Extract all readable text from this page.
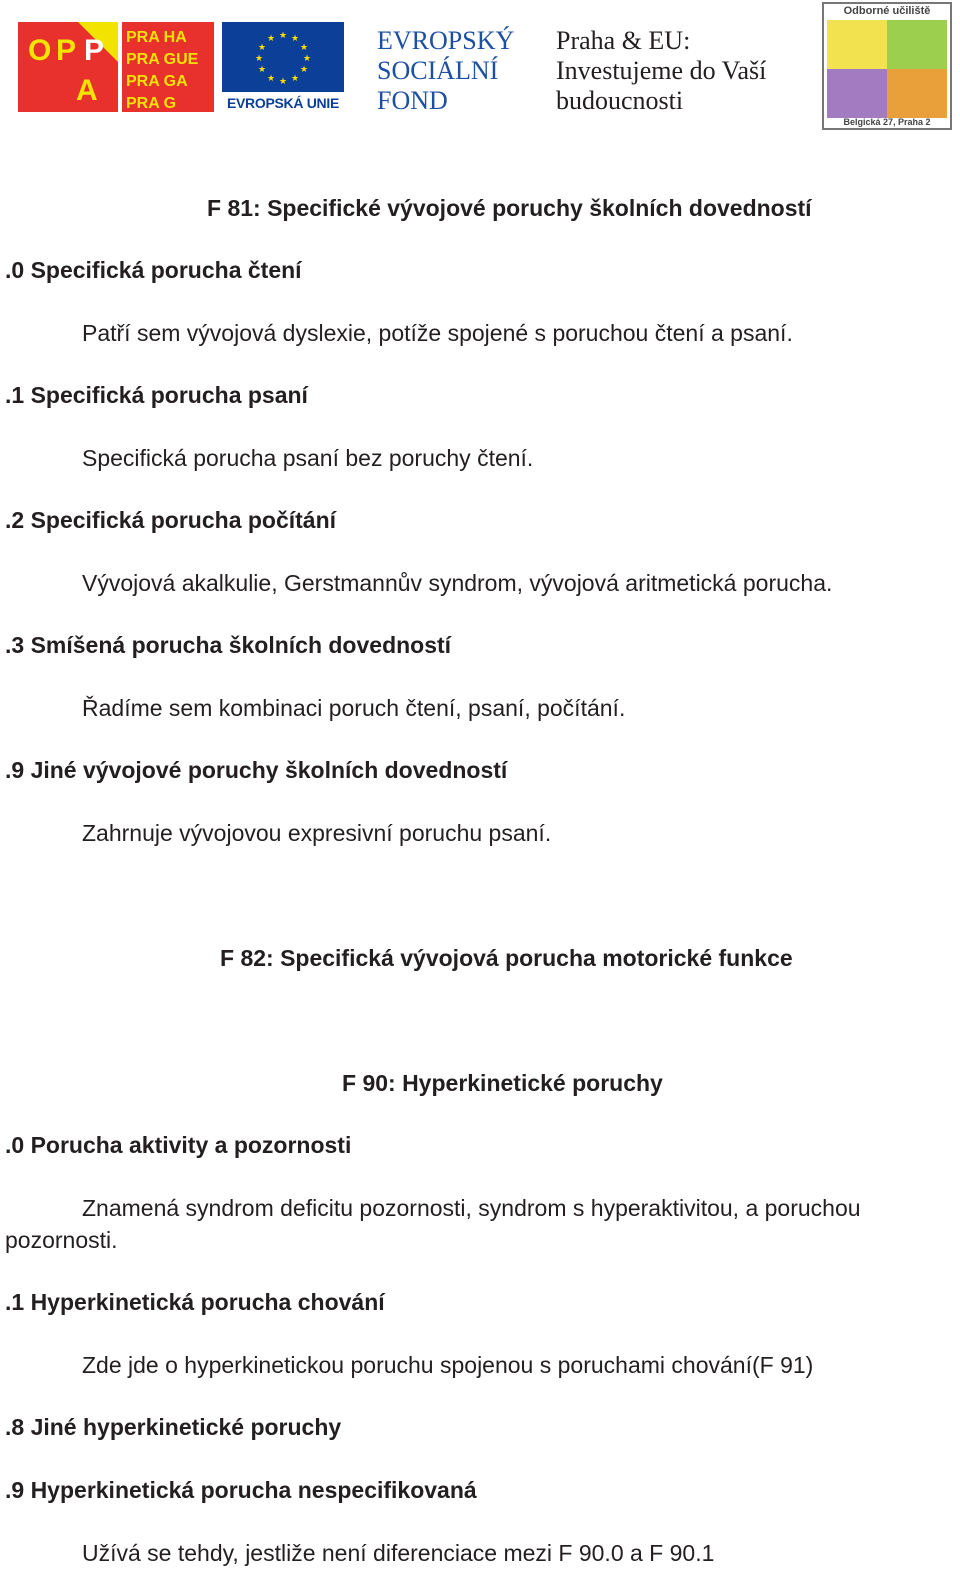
O P P
A
PRA HA
PRA GUE
PRA GA
PRA G
★ ★
★
★
★
★
★
★
★
★
★
★
EVROPSKÁ UNIE
EVROPSKÝ
SOCIÁLNÍ
FOND
Praha & EU:
Investujeme do Vaší
budoucnosti
Odborné učiliště
Belgická 27, Praha 2
F 81: Specifické vývojové poruchy školních dovedností
.0 Specifická porucha čtení
Patří sem vývojová dyslexie, potíže spojené s poruchou čtení a psaní.
.1 Specifická porucha psaní
Specifická porucha psaní bez poruchy čtení.
.2 Specifická porucha počítání
Vývojová akalkulie, Gerstmannův syndrom, vývojová aritmetická porucha.
.3 Smíšená porucha školních dovedností
Řadíme sem kombinaci poruch čtení, psaní, počítání.
.9 Jiné vývojové poruchy školních dovedností
Zahrnuje vývojovou expresivní poruchu psaní.
F 82: Specifická vývojová porucha motorické funkce
F 90: Hyperkinetické poruchy
.0 Porucha aktivity a pozornosti
Znamená syndrom deficitu pozornosti, syndrom s hyperaktivitou, a poruchou
pozornosti.
.1 Hyperkinetická porucha chování
Zde jde o hyperkinetickou poruchu spojenou s poruchami chování(F 91)
.8 Jiné hyperkinetické poruchy
.9 Hyperkinetická porucha nespecifikovaná
Užívá se tehdy, jestliže není diferenciace mezi F 90.0 a F 90.1
